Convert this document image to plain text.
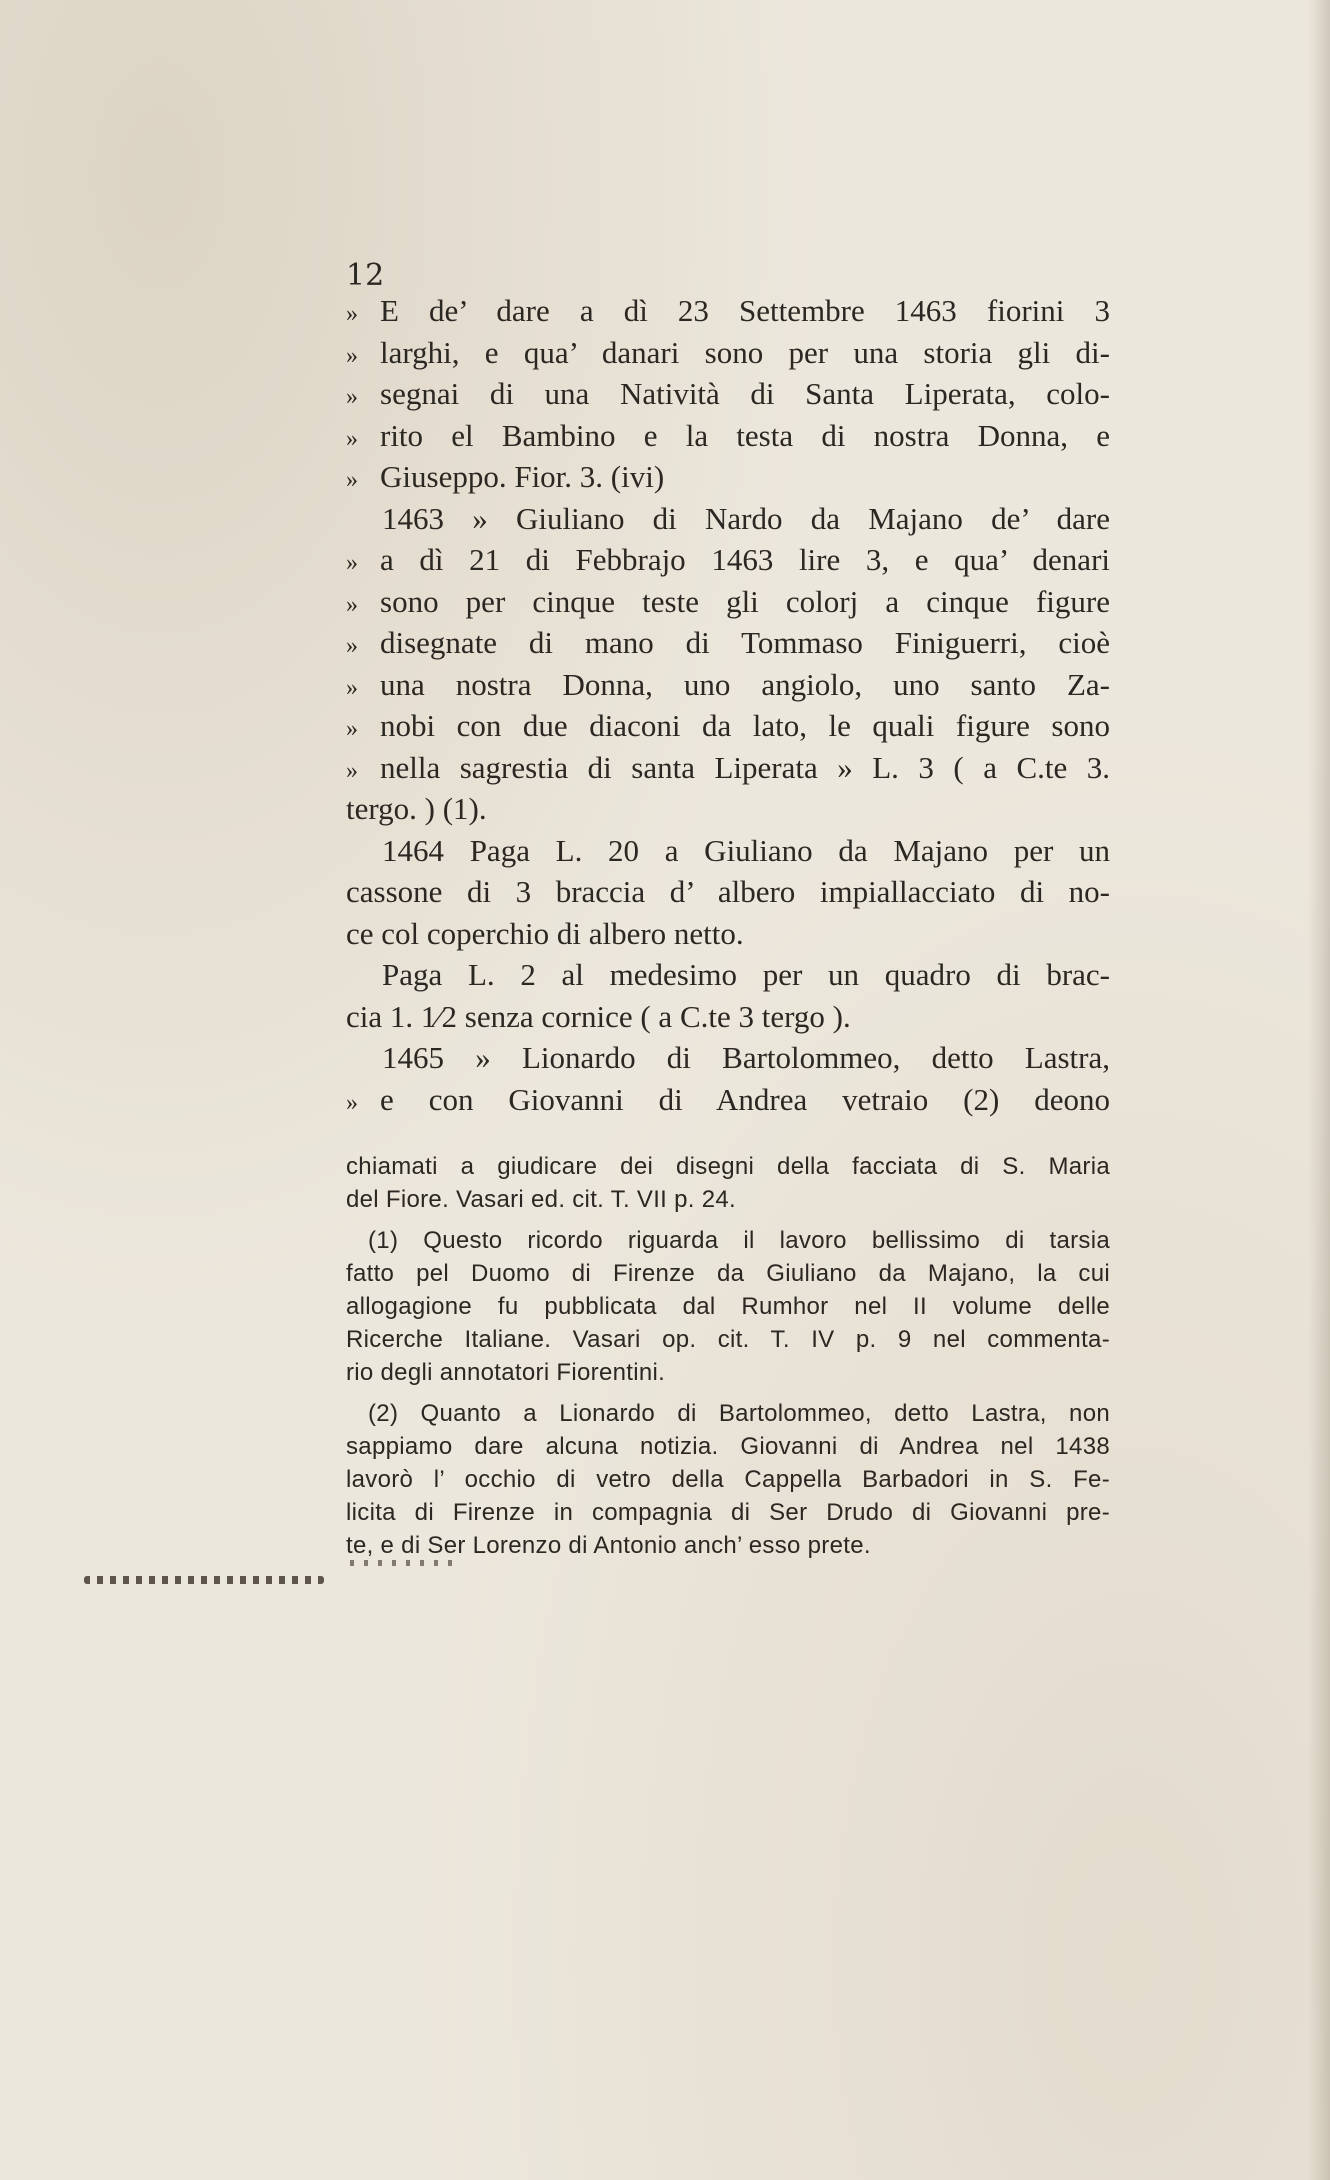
12
» E de’ dare a dì 23 Settembre 1463 fiorini 3
» larghi, e qua’ danari sono per una storia gli di-
» segnai di una Natività di Santa Liperata, colo-
» rito el Bambino e la testa di nostra Donna, e
» Giuseppo. Fior. 3. (ivi)
1463 » Giuliano di Nardo da Majano de’ dare
» a dì 21 di Febbrajo 1463 lire 3, e qua’ denari
» sono per cinque teste gli colorj a cinque figure
» disegnate di mano di Tommaso Finiguerri, cioè
» una nostra Donna, uno angiolo, uno santo Za-
» nobi con due diaconi da lato, le quali figure sono
» nella sagrestia di santa Liperata » L. 3 ( a C.te 3.
tergo. ) (1).
1464 Paga L. 20 a Giuliano da Majano per un
cassone di 3 braccia d’ albero impiallacciato di no-
ce col coperchio di albero netto.
Paga L. 2 al medesimo per un quadro di brac-
cia 1. 1⁄2 senza cornice ( a C.te 3 tergo ).
1465 » Lionardo di Bartolommeo, detto Lastra,
» e con Giovanni di Andrea vetraio (2) deono
chiamati a giudicare dei disegni della facciata di S. Maria
del Fiore. Vasari ed. cit. T. VII p. 24.
(1) Questo ricordo riguarda il lavoro bellissimo di tarsia
fatto pel Duomo di Firenze da Giuliano da Majano, la cui
allogagione fu pubblicata dal Rumhor nel II volume delle
Ricerche Italiane. Vasari op. cit. T. IV p. 9 nel commenta-
rio degli annotatori Fiorentini.
(2) Quanto a Lionardo di Bartolommeo, detto Lastra, non
sappiamo dare alcuna notizia. Giovanni di Andrea nel 1438
lavorò l’ occhio di vetro della Cappella Barbadori in S. Fe-
licita di Firenze in compagnia di Ser Drudo di Giovanni pre-
te, e di Ser Lorenzo di Antonio anch’ esso prete.
